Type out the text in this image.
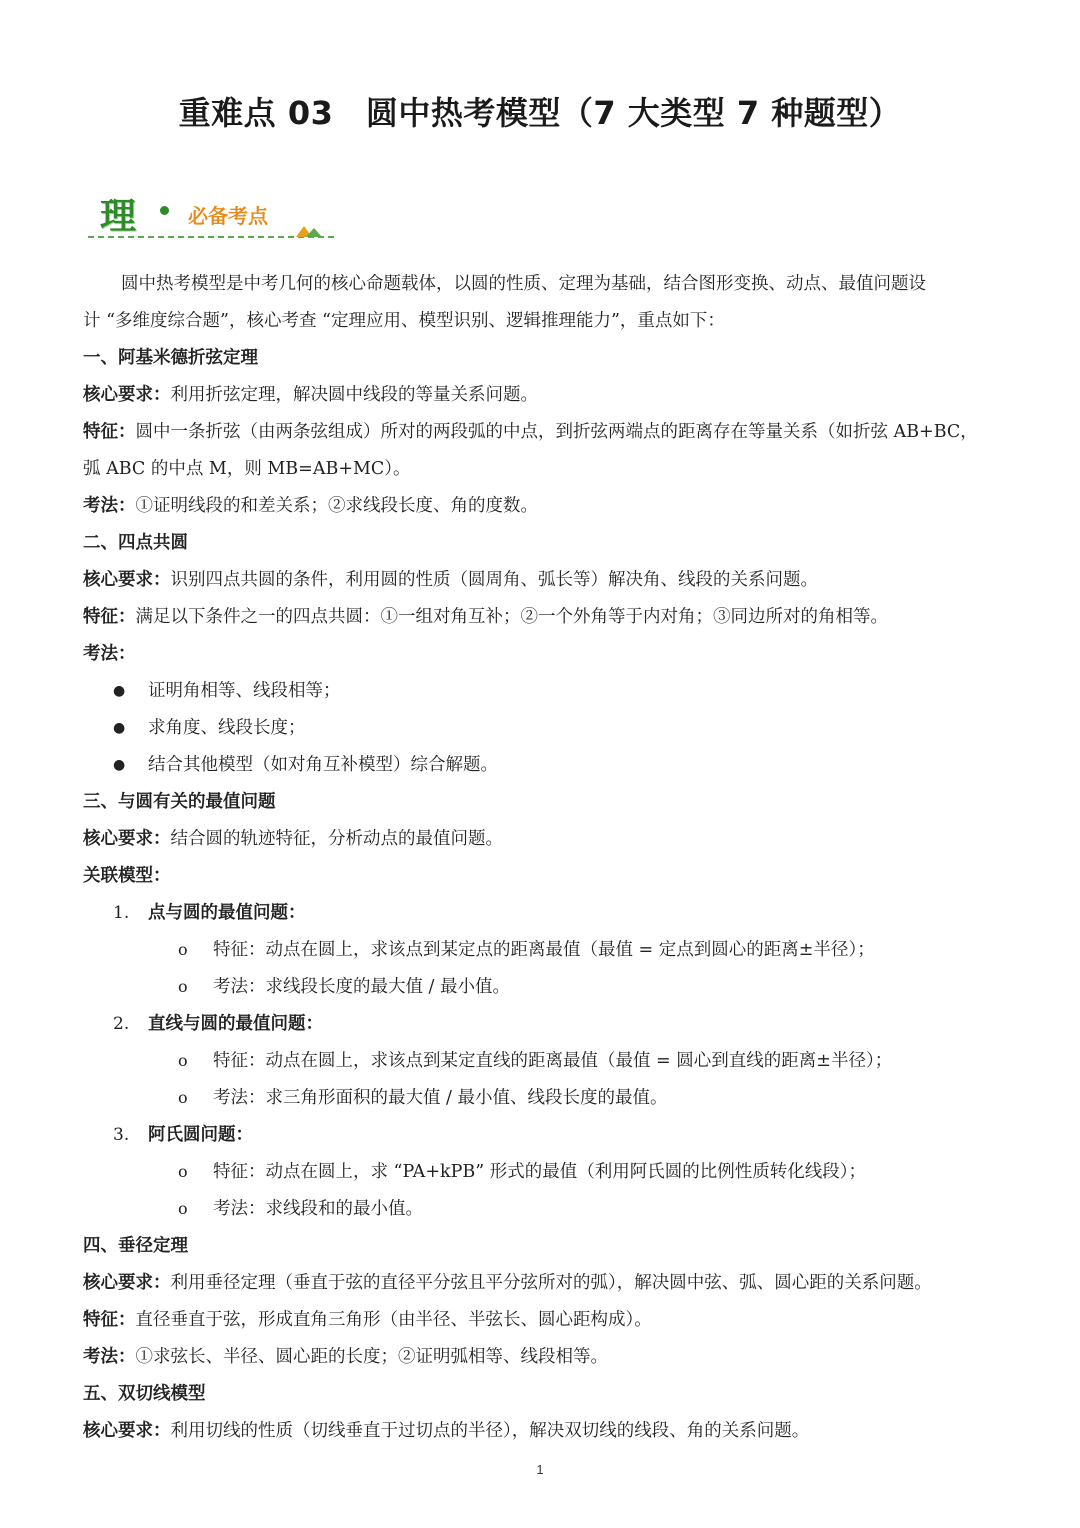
重难点 03　圆中热考模型（7 大类型 7 种题型）
理	必备考点
圆中热考模型是中考几何的核心命题载体，以圆的性质、定理为基础，结合图形变换、动点、最值问题设
计 “多维度综合题”，核心考查 “定理应用、模型识别、逻辑推理能力”，重点如下：
一、阿基米德折弦定理
核心要求：利用折弦定理，解决圆中线段的等量关系问题。
特征：圆中一条折弦（由两条弦组成）所对的两段弧的中点，到折弦两端点的距离存在等量关系（如折弦 AB+BC，
弧 ABC 的中点 M，则 MB=AB+MC）。
考法：①证明线段的和差关系；②求线段长度、角的度数。
二、四点共圆
核心要求：识别四点共圆的条件，利用圆的性质（圆周角、弧长等）解决角、线段的关系问题。
特征：满足以下条件之一的四点共圆：①一组对角互补；②一个外角等于内对角；③同边所对的角相等。
考法：
● 证明角相等、线段相等；
● 求角度、线段长度；
● 结合其他模型（如对角互补模型）综合解题。
三、与圆有关的最值问题
核心要求：结合圆的轨迹特征，分析动点的最值问题。
关联模型：
1. 点与圆的最值问题：
o 特征：动点在圆上，求该点到某定点的距离最值（最值 = 定点到圆心的距离±半径）；
o 考法：求线段长度的最大值 / 最小值。
2. 直线与圆的最值问题：
o 特征：动点在圆上，求该点到某定直线的距离最值（最值 = 圆心到直线的距离±半径）；
o 考法：求三角形面积的最大值 / 最小值、线段长度的最值。
3. 阿氏圆问题：
o 特征：动点在圆上，求 “PA+kPB” 形式的最值（利用阿氏圆的比例性质转化线段）；
o 考法：求线段和的最小值。
四、垂径定理
核心要求：利用垂径定理（垂直于弦的直径平分弦且平分弦所对的弧），解决圆中弦、弧、圆心距的关系问题。
特征：直径垂直于弦，形成直角三角形（由半径、半弦长、圆心距构成）。
考法：①求弦长、半径、圆心距的长度；②证明弧相等、线段相等。
五、双切线模型
核心要求：利用切线的性质（切线垂直于过切点的半径），解决双切线的线段、角的关系问题。
1
